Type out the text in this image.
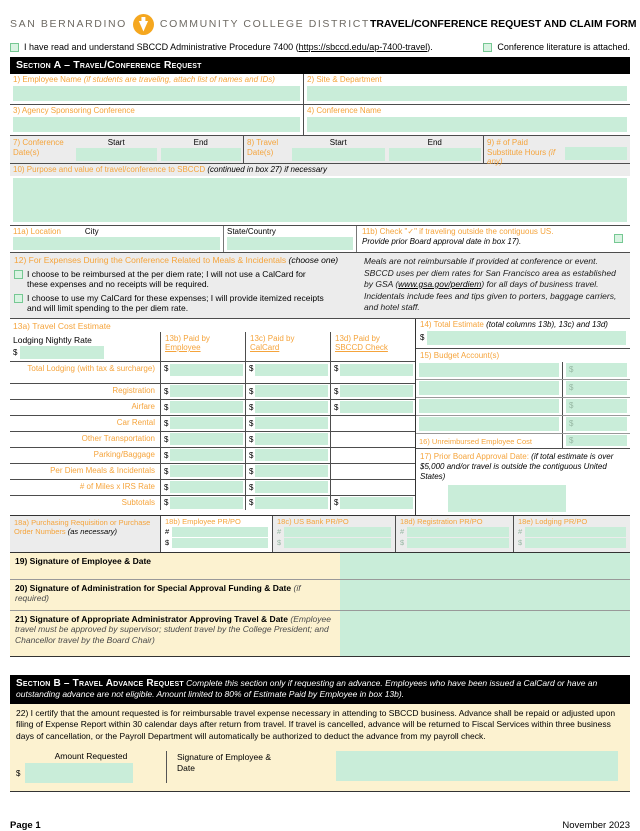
SAN BERNARDINO	COMMUNITY COLLEGE DISTRICT TRAVEL/CONFERENCE REQUEST AND CLAIM FORM
I have read and understand SBCCD Administrative Procedure 7400 (https://sbccd.edu/ap-7400-travel).	Conference literature is attached.
Section A – Travel/Conference Request
1) Employee Name (if students are traveling, attach list of names and IDs)	2) Site & Department
3) Agency Sponsoring Conference	4) Conference Name
7) Conference Date(s)
Start	End	8) Travel Date(s)
Start	End	9) # of Paid Substitute Hours (if any)
10) Purpose and value of travel/conference to SBCCD (continued in box 27) if necessary
11a) Location	City	State/Country	11b) Check "✓" if traveling outside the contiguous US.
Provide prior Board approval date in box 17).
12) For Expenses During the Conference Related to Meals & Incidentals (choose one)
I choose to be reimbursed at the per diem rate; I will not use a CalCard for these expenses and no receipts will be required.
I choose to use my CalCard for these expenses; I will provide itemized receipts and will limit spending to the per diem rate.
Meals are not reimbursable if provided at conference or event. SBCCD uses per diem rates for San Francisco area as established by GSA (www.gsa.gov/perdiem) for all days of business travel. Incidentals include fees and tips given to porters, baggage carriers, and hotel staff.
13a) Travel Cost Estimate
Lodging Nightly Rate
$
13b) Paid by
Employee
13c) Paid by
CalCard
13d) Paid by
SBCCD Check
Total Lodging (with tax & surcharge)	$	$	$
Registration	$	$	$
Airfare	$	$	$
Car Rental	$	$
Other Transportation	$	$
Parking/Baggage	$	$
Per Diem Meals & Incidentals	$	$
# of Miles x IRS Rate	$	$
Subtotals	$	$	$
14) Total Estimate (total columns 13b), 13c) and 13d)
$
15) Budget Account(s)
$
$
$
$
16) Unreimbursed Employee Cost	$
17) Prior Board Approval Date: (if total estimate is over $5,000 and/or travel is outside the contiguous United States)
18a) Purchasing Requisition or Purchase Order Numbers (as necessary)
18b) Employee PR/PO
#
$
18c) US Bank PR/PO
#
$
18d) Registration PR/PO
#
$
18e) Lodging PR/PO
#
$
19) Signature of Employee & Date
20) Signature of Administration for Special Approval Funding & Date (if required)
21) Signature of Appropriate Administrator Approving Travel & Date (Employee travel must be approved by supervisor; student travel by the College President; and Chancellor travel by the Board Chair)
Section B – Travel Advance Request Complete this section only if requesting an advance. Employees who have been issued a CalCard or have an outstanding advance are not eligible. Amount limited to 80% of Estimate Paid by Employee in box 13b).
22) I certify that the amount requested is for reimbursable travel expense necessary in attending to SBCCD business. Advance shall be repaid or adjusted upon filing of Expense Report within 30 calendar days after return from travel. If travel is cancelled, advance will be returned to Fiscal Services within three business days of cancellation, or the Payroll Department will automatically be authorized to deduct the advance from my payroll check.
Amount Requested
$
Signature of Employee & Date
Page 1	November 2023
